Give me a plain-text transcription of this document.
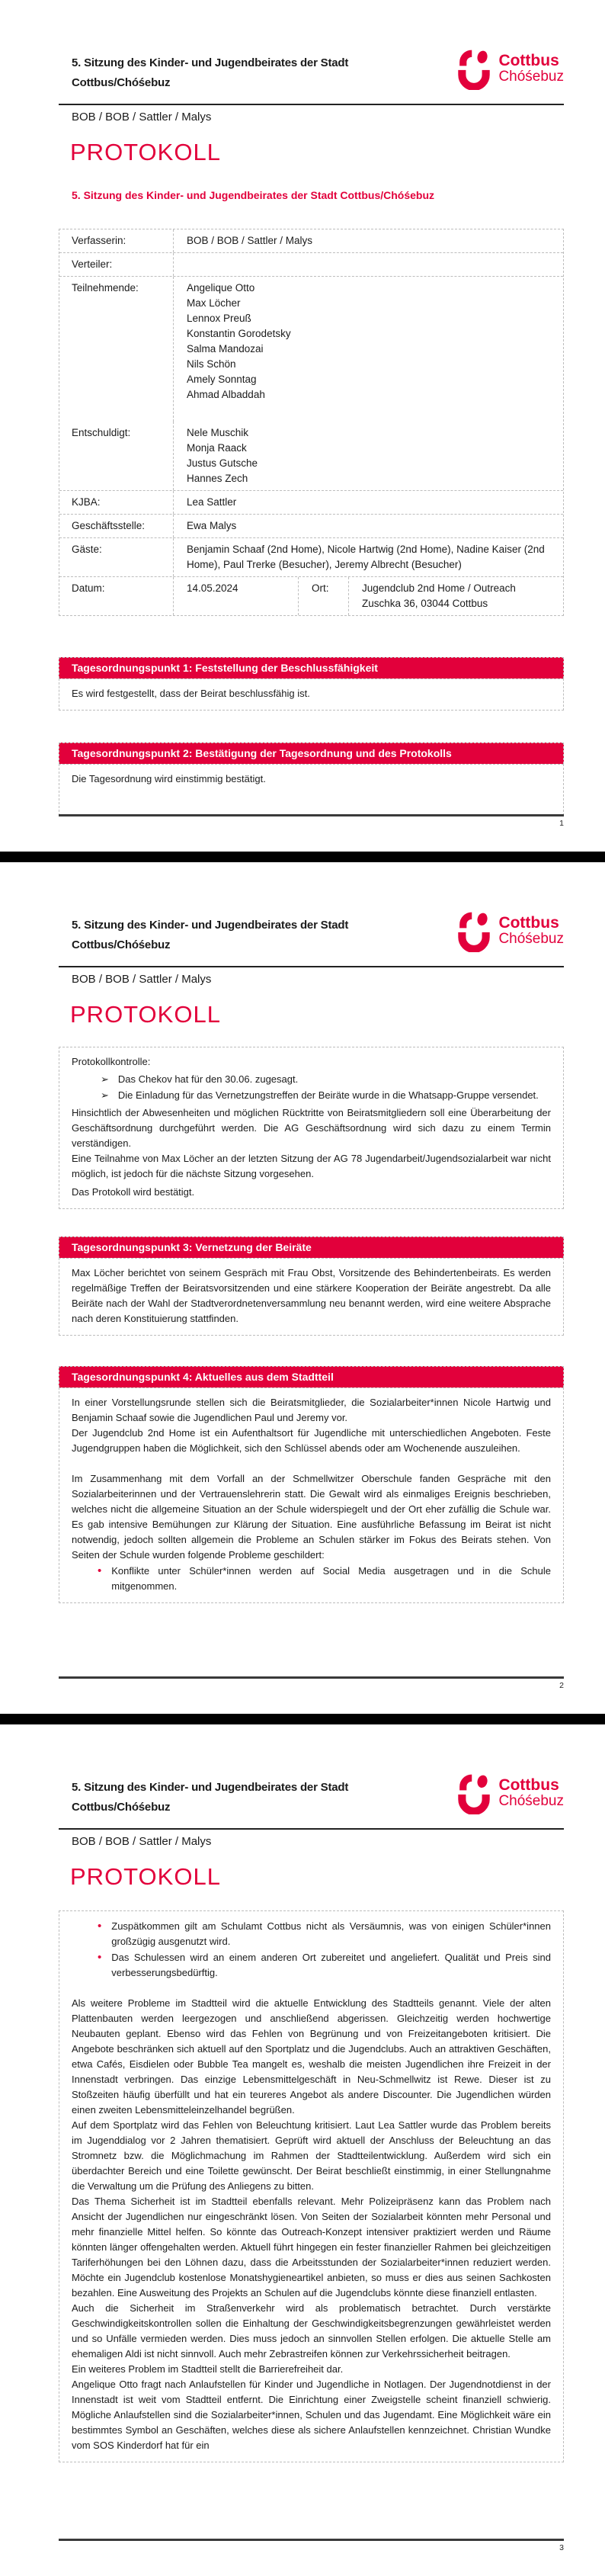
5. Sitzung des Kinder- und Jugendbeirates der Stadt
Cottbus/Chóśebuz
Cottbus
Chóśebuz
BOB / BOB / Sattler / Malys
PROTOKOLL
5. Sitzung des Kinder- und Jugendbeirates der Stadt Cottbus/Chóśebuz
Verfasserin:	BOB / BOB / Sattler / Malys
Verteiler:
Teilnehmende:	Angelique Otto
Max Löcher
Lennox Preuß
Konstantin Gorodetsky
Salma Mandozai
Nils Schön
Amely Sonntag
Ahmad Albaddah
Entschuldigt:	Nele Muschik
Monja Raack
Justus Gutsche
Hannes Zech
KJBA:	Lea Sattler
Geschäftsstelle:	Ewa Malys
Gäste:	Benjamin Schaaf (2nd Home), Nicole Hartwig (2nd Home), Nadine Kaiser (2nd Home), Paul Trerke (Besucher), Jeremy Albrecht (Besucher)
Datum:	14.05.2024	Ort:	Jugendclub 2nd Home / Outreach
Zuschka 36, 03044 Cottbus
Tagesordnungspunkt 1: Feststellung der Beschlussfähigkeit

Es wird festgestellt, dass der Beirat beschlussfähig ist.

Tagesordnungspunkt 2: Bestätigung der Tagesordnung und des Protokolls

Die Tagesordnung wird einstimmig bestätigt.

1
5. Sitzung des Kinder- und Jugendbeirates der Stadt
Cottbus/Chóśebuz
Cottbus
Chóśebuz
BOB / BOB / Sattler / Malys
PROTOKOLL

Protokollkontrolle:

➢ Das Chekov hat für den 30.06. zugesagt.
➢ Die Einladung für das Vernetzungstreffen der Beiräte wurde in die Whatsapp-Gruppe versendet.

Hinsichtlich der Abwesenheiten und möglichen Rücktritte von Beiratsmitgliedern soll eine Überarbeitung der Geschäftsordnung durchgeführt werden. Die AG Geschäftsordnung wird sich dazu zu einem Termin verständigen.

Eine Teilnahme von Max Löcher an der letzten Sitzung der AG 78 Jugendarbeit/Jugendsozialarbeit war nicht möglich, ist jedoch für die nächste Sitzung vorgesehen.

Das Protokoll wird bestätigt.

Tagesordnungspunkt 3: Vernetzung der Beiräte

Max Löcher berichtet von seinem Gespräch mit Frau Obst, Vorsitzende des Behindertenbeirats. Es werden regelmäßige Treffen der Beiratsvorsitzenden und eine stärkere Kooperation der Beiräte angestrebt. Da alle Beiräte nach der Wahl der Stadtverordnetenversammlung neu benannt werden, wird eine weitere Absprache nach deren Konstituierung stattfinden.

Tagesordnungspunkt 4: Aktuelles aus dem Stadtteil

In einer Vorstellungsrunde stellen sich die Beiratsmitglieder, die Sozialarbeiter*innen Nicole Hartwig und Benjamin Schaaf sowie die Jugendlichen Paul und Jeremy vor.

Der Jugendclub 2nd Home ist ein Aufenthaltsort für Jugendliche mit unterschiedlichen Angeboten. Feste Jugendgruppen haben die Möglichkeit, sich den Schlüssel abends oder am Wochenende auszuleihen.

Im Zusammenhang mit dem Vorfall an der Schmellwitzer Oberschule fanden Gespräche mit den Sozialarbeiterinnen und der Vertrauenslehrerin statt. Die Gewalt wird als einmaliges Ereignis beschrieben, welches nicht die allgemeine Situation an der Schule widerspiegelt und der Ort eher zufällig die Schule war. Es gab intensive Bemühungen zur Klärung der Situation. Eine ausführliche Befassung im Beirat ist nicht notwendig, jedoch sollten allgemein die Probleme an Schulen stärker im Fokus des Beirats stehen. Von Seiten der Schule wurden folgende Probleme geschildert:

• Konflikte unter Schüler*innen werden auf Social Media ausgetragen und in die Schule mitgenommen.
2
5. Sitzung des Kinder- und Jugendbeirates der Stadt
Cottbus/Chóśebuz
Cottbus
Chóśebuz
BOB / BOB / Sattler / Malys
PROTOKOLL
• Zuspätkommen gilt am Schulamt Cottbus nicht als Versäumnis, was von einigen Schüler*innen großzügig ausgenutzt wird.
• Das Schulessen wird an einem anderen Ort zubereitet und angeliefert. Qualität und Preis sind verbesserungsbedürftig.

Als weitere Probleme im Stadtteil wird die aktuelle Entwicklung des Stadtteils genannt. Viele der alten Plattenbauten werden leergezogen und anschließend abgerissen. Gleichzeitig werden hochwertige Neubauten geplant. Ebenso wird das Fehlen von Begrünung und von Freizeitangeboten kritisiert. Die Angebote beschränken sich aktuell auf den Sportplatz und die Jugendclubs. Auch an attraktiven Geschäften, etwa Cafés, Eisdielen oder Bubble Tea mangelt es, weshalb die meisten Jugendlichen ihre Freizeit in der Innenstadt verbringen. Das einzige Lebensmittelgeschäft in Neu-Schmellwitz ist Rewe. Dieser ist zu Stoßzeiten häufig überfüllt und hat ein teureres Angebot als andere Discounter. Die Jugendlichen würden einen zweiten Lebensmitteleinzelhandel begrüßen.

Auf dem Sportplatz wird das Fehlen von Beleuchtung kritisiert. Laut Lea Sattler wurde das Problem bereits im Jugenddialog vor 2 Jahren thematisiert. Geprüft wird aktuell der Anschluss der Beleuchtung an das Stromnetz bzw. die Möglichmachung im Rahmen der Stadtteilentwicklung. Außerdem wird sich ein überdachter Bereich und eine Toilette gewünscht. Der Beirat beschließt einstimmig, in einer Stellungnahme die Verwaltung um die Prüfung des Anliegens zu bitten.

Das Thema Sicherheit ist im Stadtteil ebenfalls relevant. Mehr Polizeipräsenz kann das Problem nach Ansicht der Jugendlichen nur eingeschränkt lösen. Von Seiten der Sozialarbeit könnten mehr Personal und mehr finanzielle Mittel helfen. So könnte das Outreach-Konzept intensiver praktiziert werden und Räume könnten länger offengehalten werden. Aktuell führt hingegen ein fester finanzieller Rahmen bei gleichzeitigen Tariferhöhungen bei den Löhnen dazu, dass die Arbeitsstunden der Sozialarbeiter*innen reduziert werden. Möchte ein Jugendclub kostenlose Monatshygieneartikel anbieten, so muss er dies aus seinen Sachkosten bezahlen. Eine Ausweitung des Projekts an Schulen auf die Jugendclubs könnte diese finanziell entlasten.

Auch die Sicherheit im Straßenverkehr wird als problematisch betrachtet. Durch verstärkte Geschwindigkeitskontrollen sollen die Einhaltung der Geschwindigkeitsbegrenzungen gewährleistet werden und so Unfälle vermieden werden. Dies muss jedoch an sinnvollen Stellen erfolgen. Die aktuelle Stelle am ehemaligen Aldi ist nicht sinnvoll. Auch mehr Zebrastreifen können zur Verkehrssicherheit beitragen.

Ein weiteres Problem im Stadtteil stellt die Barrierefreiheit dar.

Angelique Otto fragt nach Anlaufstellen für Kinder und Jugendliche in Notlagen. Der Jugendnotdienst in der Innenstadt ist weit vom Stadtteil entfernt. Die Einrichtung einer Zweigstelle scheint finanziell schwierig. Mögliche Anlaufstellen sind die Sozialarbeiter*innen, Schulen und das Jugendamt. Eine Möglichkeit wäre ein bestimmtes Symbol an Geschäften, welches diese als sichere Anlaufstellen kennzeichnet. Christian Wundke vom SOS Kinderdorf hat für ein

3
